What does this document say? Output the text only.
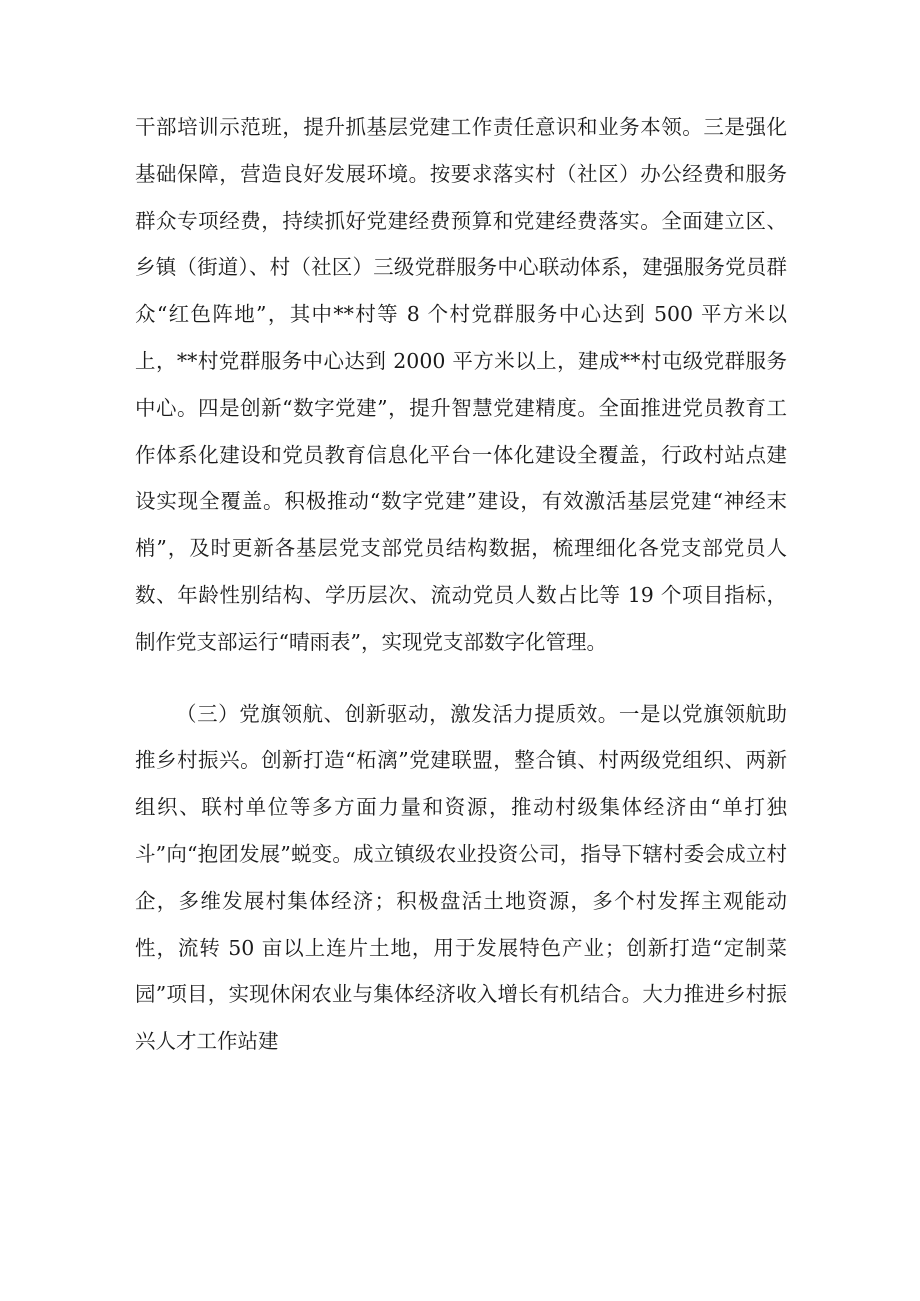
干部培训示范班，提升抓基层党建工作责任意识和业务本领。三是强化基础保障，营造良好发展环境。按要求落实村（社区）办公经费和服务群众专项经费，持续抓好党建经费预算和党建经费落实。全面建立区、乡镇（街道）、村（社区）三级党群服务中心联动体系，建强服务党员群众“红色阵地”，其中**村等 8 个村党群服务中心达到 500 平方米以上，**村党群服务中心达到 2000 平方米以上，建成**村屯级党群服务中心。四是创新“数字党建”，提升智慧党建精度。全面推进党员教育工作体系化建设和党员教育信息化平台一体化建设全覆盖，行政村站点建设实现全覆盖。积极推动“数字党建”建设，有效激活基层党建“神经末梢”，及时更新各基层党支部党员结构数据，梳理细化各党支部党员人数、年龄性别结构、学历层次、流动党员人数占比等 19 个项目指标，制作党支部运行“晴雨表”，实现党支部数字化管理。

（三）党旗领航、创新驱动，激发活力提质效。一是以党旗领航助推乡村振兴。创新打造“柘漓”党建联盟，整合镇、村两级党组织、两新组织、联村单位等多方面力量和资源，推动村级集体经济由“单打独斗”向“抱团发展”蜕变。成立镇级农业投资公司，指导下辖村委会成立村企，多维发展村集体经济；积极盘活土地资源，多个村发挥主观能动性，流转 50 亩以上连片土地，用于发展特色产业；创新打造“定制菜园”项目，实现休闲农业与集体经济收入增长有机结合。大力推进乡村振兴人才工作站建
